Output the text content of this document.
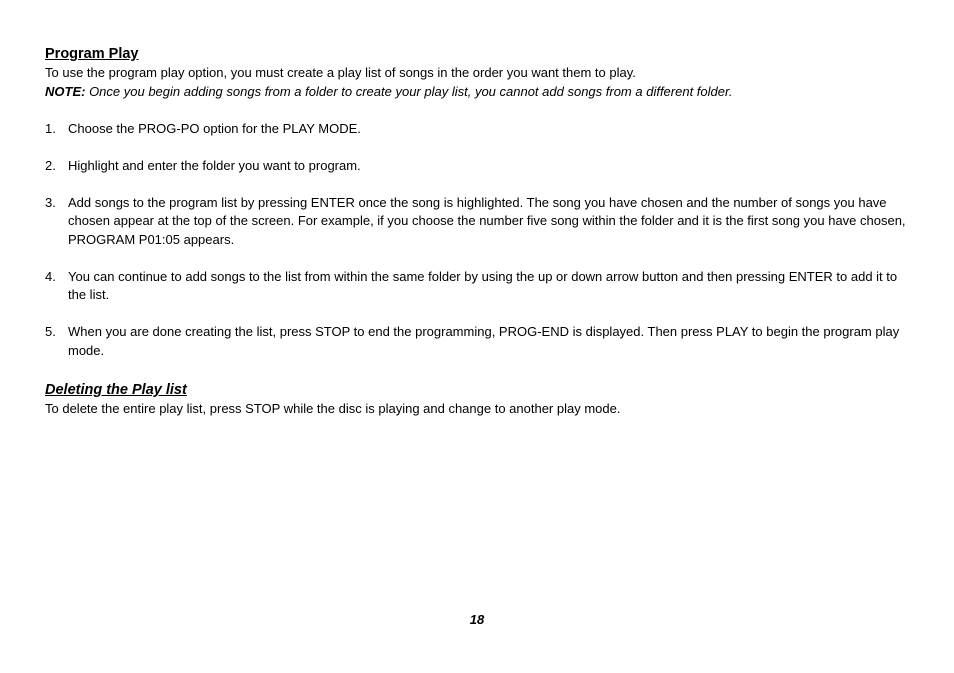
Program Play

To use the program play option, you must create a play list of songs in the order you want them to play.

NOTE: Once you begin adding songs from a folder to create your play list, you cannot add songs from a different folder.

1. Choose the PROG-PO option for the PLAY MODE.
2. Highlight and enter the folder you want to program.
3. Add songs to the program list by pressing ENTER once the song is highlighted. The song you have chosen and the number of songs you have chosen appear at the top of the screen. For example, if you choose the number five song within the folder and it is the first song you have chosen, PROGRAM P01:05 appears.
4. You can continue to add songs to the list from within the same folder by using the up or down arrow button and then pressing ENTER to add it to the list.
5. When you are done creating the list, press STOP to end the programming, PROG-END is displayed. Then press PLAY to begin the program play mode.
Deleting the Play list

To delete the entire play list, press STOP while the disc is playing and change to another play mode.

18
